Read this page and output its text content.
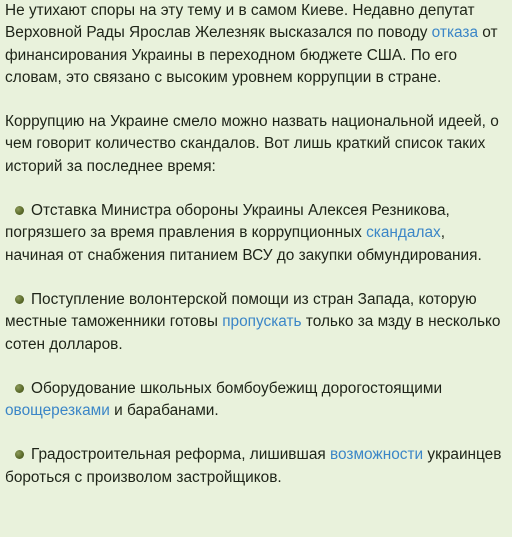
Не утихают споры на эту тему и в самом Киеве. Недавно депутат Верховной Рады Ярослав Железняк высказался по поводу отказа от финансирования Украины в переходном бюджете США. По его словам, это связано с высоким уровнем коррупции в стране.

Коррупцию на Украине смело можно назвать национальной идеей, о чем говорит количество скандалов. Вот лишь краткий список таких историй за последнее время:

Отставка Министра обороны Украины Алексея Резникова, погрязшего за время правления в коррупционных скандалах, начиная от снабжения питанием ВСУ до закупки обмундирования.

Поступление волонтерской помощи из стран Запада, которую местные таможенники готовы пропускать только за мзду в несколько сотен долларов.

Оборудование школьных бомбоубежищ дорогостоящими овощерезками и барабанами.

Градостроительная реформа, лишившая возможности украинцев бороться с произволом застройщиков.
